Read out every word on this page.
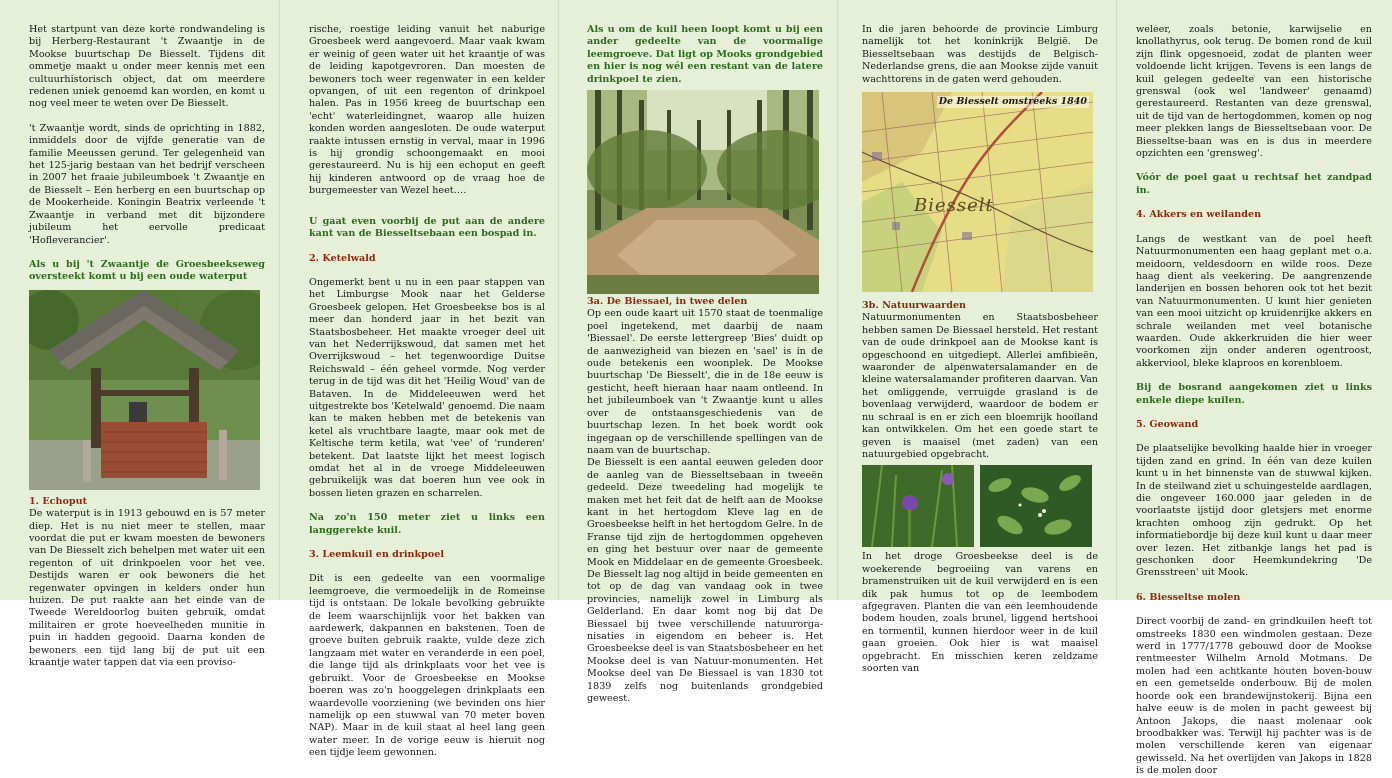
Het startpunt van deze korte rondwandeling is bij Herberg-Restaurant 't Zwaantje in de Mookse buurtschap De Biesselt. Tijdens dit ommetje maakt u onder meer kennis met een cultuurhistorisch object, dat om meerdere redenen uniek genoemd kan worden, en komt u nog veel meer te weten over De Biesselt.

't Zwaantje wordt, sinds de oprichting in 1882, inmiddels door de vijfde generatie van de familie Meeussen gerund. Ter gelegenheid van het 125-jarig bestaan van het bedrijf verscheen in 2007 het fraaie jubileumboek 't Zwaantje en de Biesselt – Een herberg en een buurtschap op de Mookerheide. Koningin Beatrix verleende 't Zwaantje in verband met dit bijzondere jubileum het eervolle predicaat 'Hofleverancier'.

Als u bij 't Zwaantje de Groesbeekseweg oversteekt komt u bij een oude waterput

1. Echoput

De waterput is in 1913 gebouwd en is 57 meter diep. Het is nu niet meer te stellen, maar voordat die put er kwam moesten de bewoners van De Biesselt zich behelpen met water uit een regenton of uit drinkpoelen voor het vee. Destijds waren er ook bewoners die het regenwater opvingen in kelders onder hun huizen. De put raakte aan het einde van de Tweede Wereldoorlog buiten gebruik, omdat militairen er grote hoeveelheden munitie in puin in hadden gegooid. Daarna konden de bewoners een tijd lang bij de put uit een kraantje water tappen dat via een proviso-

rische, roestige leiding vanuit het naburige Groesbeek werd aangevoerd. Maar vaak kwam er weinig of geen water uit het kraantje of was de leiding kapotgevroren. Dan moesten de bewoners toch weer regenwater in een kelder opvangen, of uit een regenton of drinkpoel halen. Pas in 1956 kreeg de buurtschap een 'echt' waterleidingnet, waarop alle huizen konden worden aangesloten. De oude waterput raakte intussen ernstig in verval, maar in 1996 is hij grondig schoongemaakt en mooi gerestaureerd. Nu is hij een echoput en geeft hij kinderen antwoord op de vraag hoe de burgemeester van Wezel heet….

U gaat even voorbij de put aan de andere kant van de Biesseltsebaan een bospad in.

2. Ketelwald

Ongemerkt bent u nu in een paar stappen van het Limburgse Mook naar het Gelderse Groesbeek gelopen. Het Groesbeekse bos is al meer dan honderd jaar in het bezit van Staatsbosbeheer. Het maakte vroeger deel uit van het Nederrijkswoud, dat samen met het Overrijkswoud – het tegenwoordige Duitse Reichswald – één geheel vormde. Nog verder terug in de tijd was dit het 'Heilig Woud' van de Bataven. In de Middeleeuwen werd het uitgestrekte bos 'Ketelwald' genoemd. Die naam kan te maken hebben met de betekenis van ketel als vruchtbare laagte, maar ook met de Keltische term ketila, wat 'vee' of 'runderen' betekent. Dat laatste lijkt het meest logisch omdat het al in de vroege Middeleeuwen gebruikelijk was dat boeren hun vee ook in bossen lieten grazen en scharrelen.

Na zo'n 150 meter ziet u links een langgerekte kuil.

3. Leemkuil en drinkpoel

Dit is een gedeelte van een voormalige leemgroeve, die vermoedelijk in de Romeinse tijd is ontstaan. De lokale bevolking gebruikte de leem waarschijnlijk voor het bakken van aardewerk, dakpannen en bakstenen. Toen de groeve buiten gebruik raakte, vulde deze zich langzaam met water en veranderde in een poel, die lange tijd als drinkplaats voor het vee is gebruikt. Voor de Groesbeekse en Mookse boeren was zo'n hooggelegen drinkplaats een waardevolle voorziening (we bevinden ons hier namelijk op een stuwwal van 70 meter boven NAP). Maar in de kuil staat al heel lang geen water meer. In de vorige eeuw is hieruit nog een tijdje leem gewonnen.

Als u om de kuil heen loopt komt u bij een ander gedeelte van de voormalige leemgroeve. Dat ligt op Mooks grondgebied en hier is nog wél een restant van de latere drinkpoel te zien.

3a. De Biessael, in twee delen

Op een oude kaart uit 1570 staat de toenmalige poel ingetekend, met daarbij de naam 'Biessael'. De eerste lettergreep 'Bies' duidt op de aanwezigheid van biezen en 'sael' is in de oude betekenis een woonplek. De Mookse buurtschap 'De Biesselt', die in de 18e eeuw is gesticht, heeft hieraan haar naam ontleend. In het jubileumboek van 't Zwaantje kunt u alles over de ontstaansgeschiedenis van de buurtschap lezen. In het boek wordt ook ingegaan op de verschillende spellingen van de naam van de buurtschap.

De Biesselt is een aantal eeuwen geleden door de aanleg van de Biesseltsebaan in tweeën gedeeld. Deze tweedeling had mogelijk te maken met het feit dat de helft aan de Mookse kant in het hertogdom Kleve lag en de Groesbeekse helft in het hertogdom Gelre. In de Franse tijd zijn de hertogdommen opgeheven en ging het bestuur over naar de gemeente Mook en Middelaar en de gemeente Groesbeek. De Biesselt lag nog altijd in beide gemeenten en tot op de dag van vandaag ook in twee provincies, namelijk zowel in Limburg als Gelderland. En daar komt nog bij dat De Biessael bij twee verschillende natuurorga-nisaties in eigendom en beheer is. Het Groesbeekse deel is van Staatsbosbeheer en het Mookse deel is van Natuur-monumenten. Het Mookse deel van De Biessael is van 1830 tot 1839 zelfs nog buitenlands grondgebied geweest.

In die jaren behoorde de provincie Limburg namelijk tot het koninkrijk België. De Biesseltsebaan was destijds de Belgisch-Nederlandse grens, die aan Mookse zijde vanuit wachttorens in de gaten werd gehouden.

De Biesselt omstreeks 1840
Biesselt

3b. Natuurwaarden

Natuurmonumenten en Staatsbosbeheer hebben samen De Biessael hersteld. Het restant van de oude drinkpoel aan de Mookse kant is opgeschoond en uitgediept. Allerlei amfibieën, waaronder de alpenwatersalamander en de kleine watersalamander profiteren daarvan. Van het omliggende, verruigde grasland is de bovenlaag verwijderd, waardoor de bodem er nu schraal is en er zich een bloemrijk hooiland kan ontwikkelen. Om het een goede start te geven is maaisel (met zaden) van een natuurgebied opgebracht.

In het droge Groesbeekse deel is de woekerende begroeiing van varens en bramenstruiken uit de kuil verwijderd en is een dik pak humus tot op de leembodem afgegraven. Planten die van een leemhoudende bodem houden, zoals brunel, liggend hertshooi en tormentil, kunnen hierdoor weer in de kuil gaan groeien. Ook hier is wat maaisel opgebracht. En misschien keren zeldzame soorten van

weleer, zoals betonie, karwijselie en knollathyrus, ook terug. De bomen rond de kuil zijn flink opgesnoeid, zodat de planten weer voldoende licht krijgen. Tevens is een langs de kuil gelegen gedeelte van een historische grenswal (ook wel 'landweer' genaamd) gerestaureerd. Restanten van deze grenswal, uit de tijd van de hertogdommen, komen op nog meer plekken langs de Biesseltsebaan voor. De Biesseltse-baan was en is dus in meerdere opzichten een 'grensweg'.

Vóór de poel gaat u rechtsaf het zandpad in.

4. Akkers en weilanden

Langs de westkant van de poel heeft Natuurmonumenten een haag geplant met o.a. meidoorn, veldesdoorn en wilde roos. Deze haag dient als veekering. De aangrenzende landerijen en bossen behoren ook tot het bezit van Natuurmonumenten. U kunt hier genieten van een mooi uitzicht op kruidenrijke akkers en schrale weilanden met veel botanische waarden. Oude akkerkruiden die hier weer voorkomen zijn onder anderen ogentroost, akkerviool, bleke klaproos en korenbloem.

Bij de bosrand aangekomen ziet u links enkele diepe kuilen.

5. Geowand

De plaatselijke bevolking haalde hier in vroeger tijden zand en grind. In één van deze kuilen kunt u in het binnenste van de stuwwal kijken. In de steilwand ziet u schuingestelde aardlagen, die ongeveer 160.000 jaar geleden in de voorlaatste ijstijd door gletsjers met enorme krachten omhoog zijn gedrukt. Op het informatiebordje bij deze kuil kunt u daar meer over lezen. Het zitbankje langs het pad is geschonken door Heemkundekring 'De Grensstreen' uit Mook.

6. Biesseltse molen

Direct voorbij de zand- en grindkuilen heeft tot omstreeks 1830 een windmolen gestaan. Deze werd in 1777/1778 gebouwd door de Mookse rentmeester Wilhelm Arnold Motmans. De molen had een achtkante houten boven-bouw en een gemetselde onderbouw. Bij de molen hoorde ook een brandewijnstokerij. Bijna een halve eeuw is de molen in pacht geweest bij Antoon Jakops, die naast molenaar ook broodbakker was. Terwijl hij pachter was is de molen verschillende keren van eigenaar gewisseld. Na het overlijden van Jakops in 1828 is de molen door
